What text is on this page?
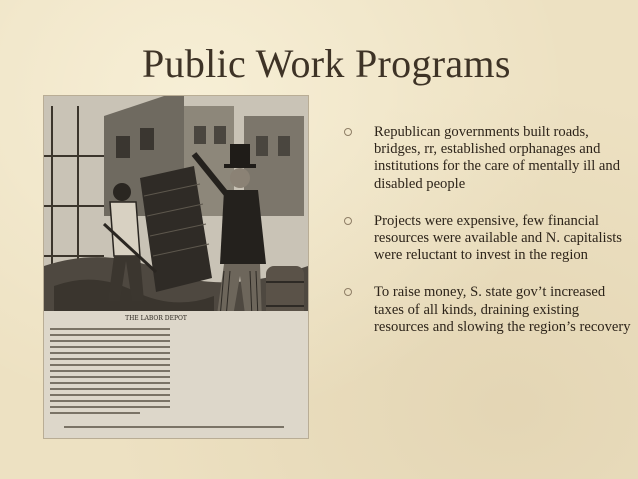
Public Work Programs
THE LABOR DEPOT
Republican governments built roads, bridges, rr, established orphanages and institutions for the care of mentally ill and disabled people
Projects were expensive, few financial resources were available and N. capitalists were reluctant to invest in the region
To raise money, S. state gov’t increased taxes of all kinds, draining existing resources and slowing the region’s recovery
